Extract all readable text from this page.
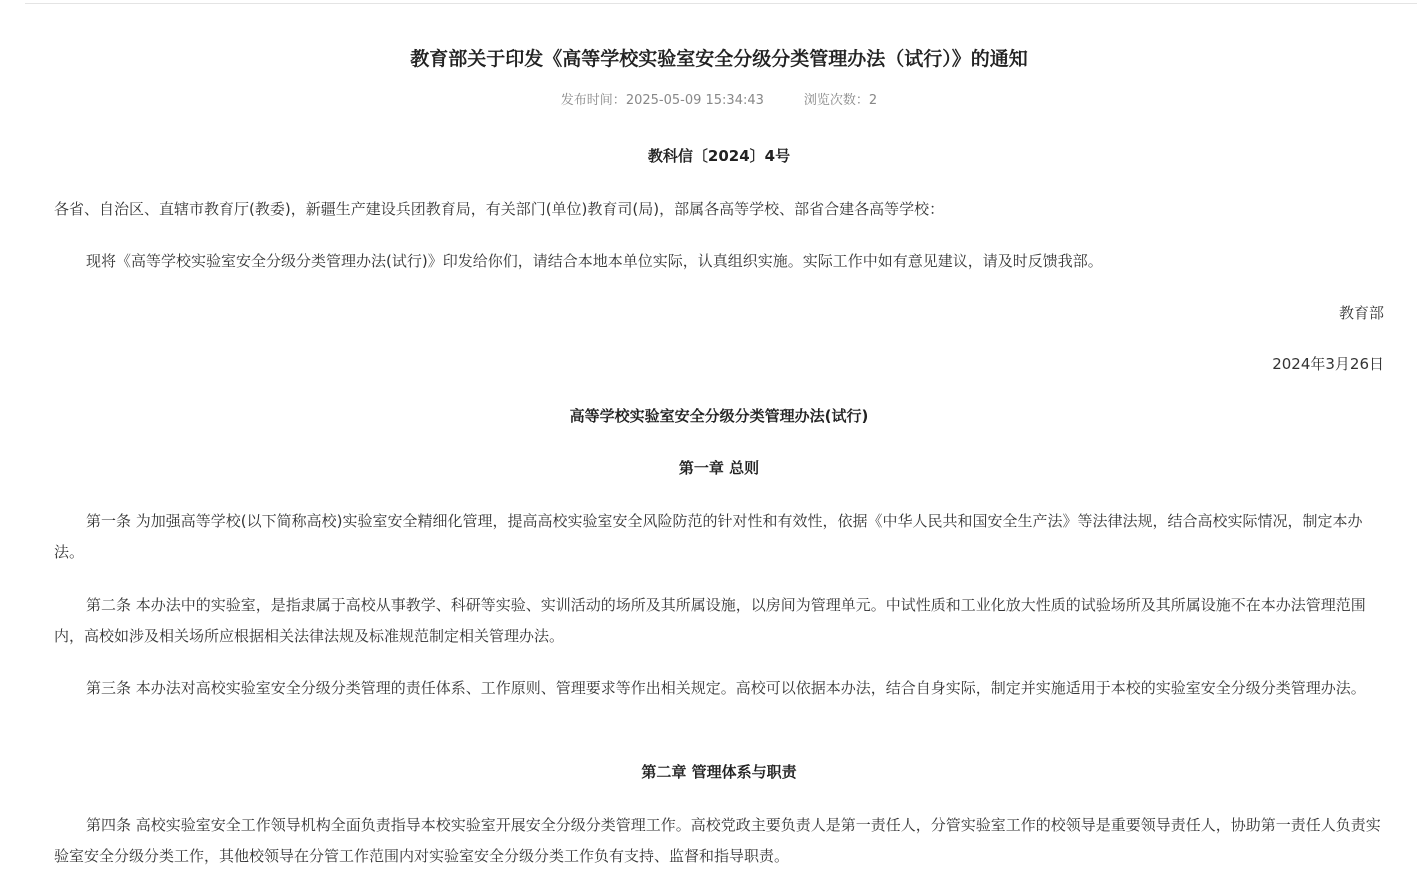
教育部关于印发《高等学校实验室安全分级分类管理办法（试行）》的通知
发布时间：2025-05-09 15:34:43	浏览次数：2

教科信〔2024〕4号

各省、自治区、直辖市教育厅(教委)，新疆生产建设兵团教育局，有关部门(单位)教育司(局)，部属各高等学校、部省合建各高等学校：

现将《高等学校实验室安全分级分类管理办法(试行)》印发给你们，请结合本地本单位实际，认真组织实施。实际工作中如有意见建议，请及时反馈我部。

教育部

2024年3月26日

高等学校实验室安全分级分类管理办法(试行)

第一章 总则

第一条 为加强高等学校(以下简称高校)实验室安全精细化管理，提高高校实验室安全风险防范的针对性和有效性，依据《中华人民共和国安全生产法》等法律法规，结合高校实际情况，制定本办法。

第二条 本办法中的实验室，是指隶属于高校从事教学、科研等实验、实训活动的场所及其所属设施，以房间为管理单元。中试性质和工业化放大性质的试验场所及其所属设施不在本办法管理范围内，高校如涉及相关场所应根据相关法律法规及标准规范制定相关管理办法。

第三条 本办法对高校实验室安全分级分类管理的责任体系、工作原则、管理要求等作出相关规定。高校可以依据本办法，结合自身实际，制定并实施适用于本校的实验室安全分级分类管理办法。

第二章 管理体系与职责

第四条 高校实验室安全工作领导机构全面负责指导本校实验室开展安全分级分类管理工作。高校党政主要负责人是第一责任人，分管实验室工作的校领导是重要领导责任人，协助第一责任人负责实验室安全分级分类工作，其他校领导在分管工作范围内对实验室安全分级分类工作负有支持、监督和指导职责。
